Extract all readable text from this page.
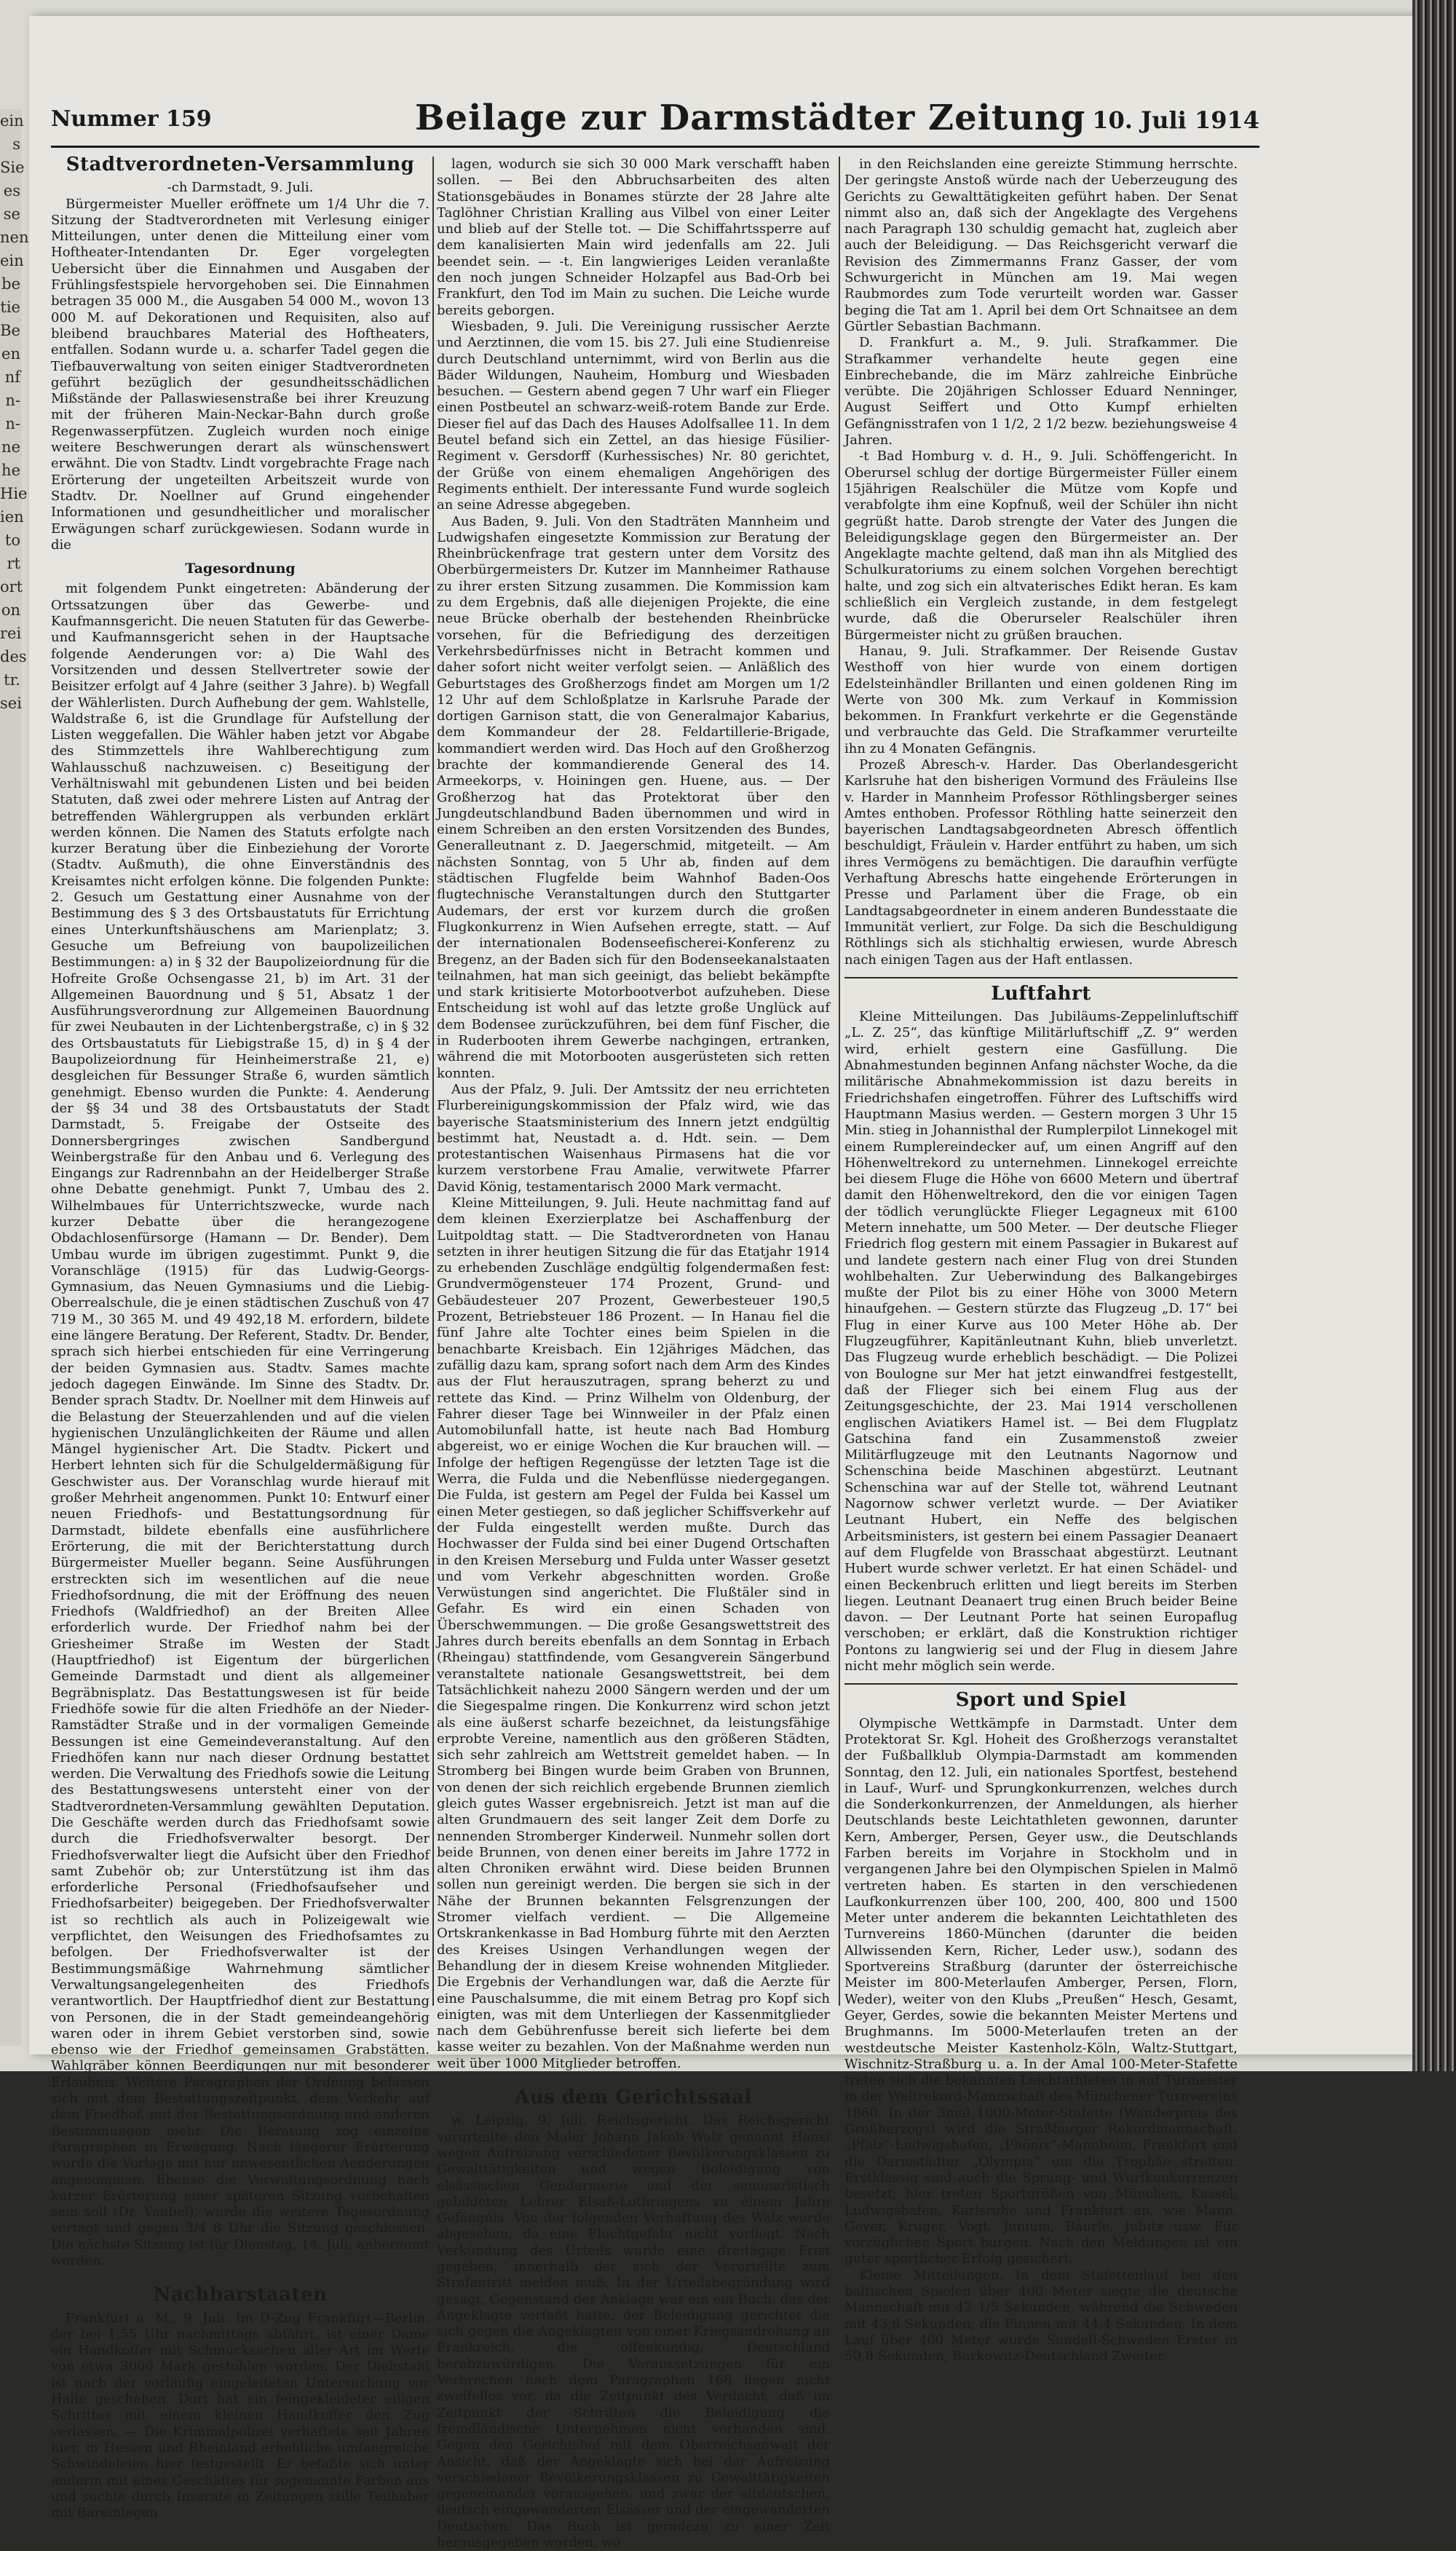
ein s Sie es se nen ein be tie Be en nf n- n- ne he Hie ien to rt ort on rei des tr. sei
Nummer 159	Beilage zur Darmstädter Zeitung 10. Juli 1914
Stadtverordneten-Versammlung

-ch Darmstadt, 9. Juli.

Bürgermeister Mueller eröffnete um 1/4 Uhr die 7. Sitzung der Stadtverordneten mit Verlesung einiger Mitteilungen, unter denen die Mitteilung einer vom Hoftheater-Intendanten Dr. Eger vorgelegten Uebersicht über die Einnahmen und Ausgaben der Frühlingsfestspiele hervorgehoben sei. Die Einnahmen betragen 35 000 M., die Ausgaben 54 000 M., wovon 13 000 M. auf Dekorationen und Requisiten, also auf bleibend brauchbares Material des Hoftheaters, entfallen. Sodann wurde u. a. scharfer Tadel gegen die Tiefbauverwaltung von seiten einiger Stadtverordneten geführt bezüglich der gesundheitsschädlichen Mißstände der Pallaswiesenstraße bei ihrer Kreuzung mit der früheren Main-Neckar-Bahn durch große Regenwasserpfützen. Zugleich wurden noch einige weitere Beschwerungen derart als wünschenswert erwähnt. Die von Stadtv. Lindt vorgebrachte Frage nach Erörterung der ungeteilten Arbeitszeit wurde von Stadtv. Dr. Noellner auf Grund eingehender Informationen und gesundheitlicher und moralischer Erwägungen scharf zurückgewiesen. Sodann wurde in die

Tagesordnung

mit folgendem Punkt eingetreten: Abänderung der Ortssatzungen über das Gewerbe- und Kaufmannsgericht. Die neuen Statuten für das Gewerbe- und Kaufmannsgericht sehen in der Hauptsache folgende Aenderungen vor: a) Die Wahl des Vorsitzenden und dessen Stellvertreter sowie der Beisitzer erfolgt auf 4 Jahre (seither 3 Jahre). b) Wegfall der Wählerlisten. Durch Aufhebung der gem. Wahlstelle, Waldstraße 6, ist die Grundlage für Aufstellung der Listen weggefallen. Die Wähler haben jetzt vor Abgabe des Stimmzettels ihre Wahlberechtigung zum Wahlausschuß nachzuweisen. c) Beseitigung der Verhältniswahl mit gebundenen Listen und bei beiden Statuten, daß zwei oder mehrere Listen auf Antrag der betreffenden Wählergruppen als verbunden erklärt werden können. Die Namen des Statuts erfolgte nach kurzer Beratung über die Einbeziehung der Vororte (Stadtv. Außmuth), die ohne Einverständnis des Kreisamtes nicht erfolgen könne. Die folgenden Punkte: 2. Gesuch um Gestattung einer Ausnahme von der Bestimmung des § 3 des Ortsbaustatuts für Errichtung eines Unterkunftshäuschens am Marienplatz; 3. Gesuche um Befreiung von baupolizeilichen Bestimmungen: a) in § 32 der Baupolizeiordnung für die Hofreite Große Ochsengasse 21, b) im Art. 31 der Allgemeinen Bauordnung und § 51, Absatz 1 der Ausführungsverordnung zur Allgemeinen Bauordnung für zwei Neubauten in der Lichtenbergstraße, c) in § 32 des Ortsbaustatuts für Liebigstraße 15, d) in § 4 der Baupolizeiordnung für Heinheimerstraße 21, e) desgleichen für Bessunger Straße 6, wurden sämtlich genehmigt. Ebenso wurden die Punkte: 4. Aenderung der §§ 34 und 38 des Ortsbaustatuts der Stadt Darmstadt, 5. Freigabe der Ostseite des Donnersbergringes zwischen Sandbergund Weinbergstraße für den Anbau und 6. Verlegung des Eingangs zur Radrennbahn an der Heidelberger Straße ohne Debatte genehmigt. Punkt 7, Umbau des 2. Wilhelmbaues für Unterrichtszwecke, wurde nach kurzer Debatte über die herangezogene Obdachlosenfürsorge (Hamann — Dr. Bender). Dem Umbau wurde im übrigen zugestimmt. Punkt 9, die Voranschläge (1915) für das Ludwig-Georgs-Gymnasium, das Neuen Gymnasiums und die Liebig-Oberrealschule, die je einen städtischen Zuschuß von 47 719 M., 30 365 M. und 49 492,18 M. erfordern, bildete eine längere Beratung. Der Referent, Stadtv. Dr. Bender, sprach sich hierbei entschieden für eine Verringerung der beiden Gymnasien aus. Stadtv. Sames machte jedoch dagegen Einwände. Im Sinne des Stadtv. Dr. Bender sprach Stadtv. Dr. Noellner mit dem Hinweis auf die Belastung der Steuerzahlenden und auf die vielen hygienischen Unzulänglichkeiten der Räume und allen Mängel hygienischer Art. Die Stadtv. Pickert und Herbert lehnten sich für die Schulgeldermäßigung für Geschwister aus. Der Voranschlag wurde hierauf mit großer Mehrheit angenommen. Punkt 10: Entwurf einer neuen Friedhofs- und Bestattungsordnung für Darmstadt, bildete ebenfalls eine ausführlichere Erörterung, die mit der Berichterstattung durch Bürgermeister Mueller begann. Seine Ausführungen erstreckten sich im wesentlichen auf die neue Friedhofsordnung, die mit der Eröffnung des neuen Friedhofs (Waldfriedhof) an der Breiten Allee erforderlich wurde. Der Friedhof nahm bei der Griesheimer Straße im Westen der Stadt (Hauptfriedhof) ist Eigentum der bürgerlichen Gemeinde Darmstadt und dient als allgemeiner Begräbnisplatz. Das Bestattungswesen ist für beide Friedhöfe sowie für die alten Friedhöfe an der Nieder-Ramstädter Straße und in der vormaligen Gemeinde Bessungen ist eine Gemeindeveranstaltung. Auf den Friedhöfen kann nur nach dieser Ordnung bestattet werden. Die Verwaltung des Friedhofs sowie die Leitung des Bestattungswesens untersteht einer von der Stadtverordneten-Versammlung gewählten Deputation. Die Geschäfte werden durch das Friedhofsamt sowie durch die Friedhofsverwalter besorgt. Der Friedhofsverwalter liegt die Aufsicht über den Friedhof samt Zubehör ob; zur Unterstützung ist ihm das erforderliche Personal (Friedhofsaufseher und Friedhofsarbeiter) beigegeben. Der Friedhofsverwalter ist so rechtlich als auch in Polizeigewalt wie verpflichtet, den Weisungen des Friedhofsamtes zu befolgen. Der Friedhofsverwalter ist der Bestimmungsmäßige Wahrnehmung sämtlicher Verwaltungsangelegenheiten des Friedhofs verantwortlich. Der Hauptfriedhof dient zur Bestattung von Personen, die in der Stadt gemeindeangehörig waren oder in ihrem Gebiet verstorben sind, sowie ebenso wie der Friedhof gemeinsamen Grabstätten. Wahlgräber können Beerdigungen nur mit besonderer Erlaubnis. Weitere Paragraphen der Ordnung befassen sich mit dem Bestattungszeitpunkt, dem Verkehr auf dem Friedhof, mit der Bestattungsordnung und anderen Bestimmungen mehr. Die Beratung zog einzelne Paragraphen in Erwägung. Nach längerer Erörterung wurde die Vorlage mit nur unwesentlichen Aenderungen angenommen. Ebenso die Verwaltungsordnung nach kurzer Erörterung einer späteren Sitzung vorbehalten sein soll (Dr. Vaubel), wurde die weitere Tagesordnung vertagt und gegen 3/4 8 Uhr die Sitzung geschlossen. Die nächste Sitzung ist für Dienstag, 14. Juli, anberaumt worden.

Nachbarstaaten

Frankfurt a. M., 9. Juli. Im D-Zug Frankfurt—Berlin, der bei 1,55 Uhr nachmittags abfährt, ist einer Dame ein Handkoffer mit Schmucksachen aller Art im Werte von etwa 3000 Mark gestohlen worden. Der Diebstahl ist nach der vorläufig eingeleiteten Untersuchung vor Halle geschehen. Dort hat ein feingekleideter eiligen Schrittes mit einem kleinen Handkoffer den Zug verlassen. — Die Kriminalpolizei verhaftete seit Jahren hier, in Hessen und Rheinland erhebliche umfangreiche Schwindeleien hier festgestellt. Er befaßte sich unter anderm mit eines Geschäftes für sogenannte Farben aus und suchte durch Inserate in Zeitungen stille Teilhaber mit Bareinlagen

lagen, wodurch sie sich 30 000 Mark verschafft haben sollen. — Bei den Abbruchsarbeiten des alten Stationsgebäudes in Bonames stürzte der 28 Jahre alte Taglöhner Christian Kralling aus Vilbel von einer Leiter und blieb auf der Stelle tot. — Die Schiffahrtssperre auf dem kanalisierten Main wird jedenfalls am 22. Juli beendet sein. — -t. Ein langwieriges Leiden veranlaßte den noch jungen Schneider Holzapfel aus Bad-Orb bei Frankfurt, den Tod im Main zu suchen. Die Leiche wurde bereits geborgen.

Wiesbaden, 9. Juli. Die Vereinigung russischer Aerzte und Aerztinnen, die vom 15. bis 27. Juli eine Studienreise durch Deutschland unternimmt, wird von Berlin aus die Bäder Wildungen, Nauheim, Homburg und Wiesbaden besuchen. — Gestern abend gegen 7 Uhr warf ein Flieger einen Postbeutel an schwarz-weiß-rotem Bande zur Erde. Dieser fiel auf das Dach des Hauses Adolfsallee 11. In dem Beutel befand sich ein Zettel, an das hiesige Füsilier-Regiment v. Gersdorff (Kurhessisches) Nr. 80 gerichtet, der Grüße von einem ehemaligen Angehörigen des Regiments enthielt. Der interessante Fund wurde sogleich an seine Adresse abgegeben.

Aus Baden, 9. Juli. Von den Stadträten Mannheim und Ludwigshafen eingesetzte Kommission zur Beratung der Rheinbrückenfrage trat gestern unter dem Vorsitz des Oberbürgermeisters Dr. Kutzer im Mannheimer Rathause zu ihrer ersten Sitzung zusammen. Die Kommission kam zu dem Ergebnis, daß alle diejenigen Projekte, die eine neue Brücke oberhalb der bestehenden Rheinbrücke vorsehen, für die Befriedigung des derzeitigen Verkehrsbedürfnisses nicht in Betracht kommen und daher sofort nicht weiter verfolgt seien. — Anläßlich des Geburtstages des Großherzogs findet am Morgen um 1/2 12 Uhr auf dem Schloßplatze in Karlsruhe Parade der dortigen Garnison statt, die von Generalmajor Kabarius, dem Kommandeur der 28. Feldartillerie-Brigade, kommandiert werden wird. Das Hoch auf den Großherzog brachte der kommandierende General des 14. Armeekorps, v. Hoiningen gen. Huene, aus. — Der Großherzog hat das Protektorat über den Jungdeutschlandbund Baden übernommen und wird in einem Schreiben an den ersten Vorsitzenden des Bundes, Generalleutnant z. D. Jaegerschmid, mitgeteilt. — Am nächsten Sonntag, von 5 Uhr ab, finden auf dem städtischen Flugfelde beim Wahnhof Baden-Oos flugtechnische Veranstaltungen durch den Stuttgarter Audemars, der erst vor kurzem durch die großen Flugkonkurrenz in Wien Aufsehen erregte, statt. — Auf der internationalen Bodenseefischerei-Konferenz zu Bregenz, an der Baden sich für den Bodenseekanalstaaten teilnahmen, hat man sich geeinigt, das beliebt bekämpfte und stark kritisierte Motorbootverbot aufzuheben. Diese Entscheidung ist wohl auf das letzte große Unglück auf dem Bodensee zurückzuführen, bei dem fünf Fischer, die in Ruderbooten ihrem Gewerbe nachgingen, ertranken, während die mit Motorbooten ausgerüsteten sich retten konnten.

Aus der Pfalz, 9. Juli. Der Amtssitz der neu errichteten Flurbereinigungskommission der Pfalz wird, wie das bayerische Staatsministerium des Innern jetzt endgültig bestimmt hat, Neustadt a. d. Hdt. sein. — Dem protestantischen Waisenhaus Pirmasens hat die vor kurzem verstorbene Frau Amalie, verwitwete Pfarrer David König, testamentarisch 2000 Mark vermacht.

Kleine Mitteilungen, 9. Juli. Heute nachmittag fand auf dem kleinen Exerzierplatze bei Aschaffenburg der Luitpoldtag statt. — Die Stadtverordneten von Hanau setzten in ihrer heutigen Sitzung die für das Etatjahr 1914 zu erhebenden Zuschläge endgültig folgendermaßen fest: Grundvermögensteuer 174 Prozent, Grund- und Gebäudesteuer 207 Prozent, Gewerbesteuer 190,5 Prozent, Betriebsteuer 186 Prozent. — In Hanau fiel die fünf Jahre alte Tochter eines beim Spielen in die benachbarte Kreisbach. Ein 12jähriges Mädchen, das zufällig dazu kam, sprang sofort nach dem Arm des Kindes aus der Flut herauszutragen, sprang beherzt zu und rettete das Kind. — Prinz Wilhelm von Oldenburg, der Fahrer dieser Tage bei Winnweiler in der Pfalz einen Automobilunfall hatte, ist heute nach Bad Homburg abgereist, wo er einige Wochen die Kur brauchen will. — Infolge der heftigen Regengüsse der letzten Tage ist die Werra, die Fulda und die Nebenflüsse niedergegangen. Die Fulda, ist gestern am Pegel der Fulda bei Kassel um einen Meter gestiegen, so daß jeglicher Schiffsverkehr auf der Fulda eingestellt werden mußte. Durch das Hochwasser der Fulda sind bei einer Dugend Ortschaften in den Kreisen Merseburg und Fulda unter Wasser gesetzt und vom Verkehr abgeschnitten worden. Große Verwüstungen sind angerichtet. Die Flußtäler sind in Gefahr. Es wird ein einen Schaden von Überschwemmungen. — Die große Gesangswettstreit des Jahres durch bereits ebenfalls an dem Sonntag in Erbach (Rheingau) stattfindende, vom Gesangverein Sängerbund veranstaltete nationale Gesangswettstreit, bei dem Tatsächlichkeit nahezu 2000 Sängern werden und der um die Siegespalme ringen. Die Konkurrenz wird schon jetzt als eine äußerst scharfe bezeichnet, da leistungsfähige erprobte Vereine, namentlich aus den größeren Städten, sich sehr zahlreich am Wettstreit gemeldet haben. — In Stromberg bei Bingen wurde beim Graben von Brunnen, von denen der sich reichlich ergebende Brunnen ziemlich gleich gutes Wasser ergebnisreich. Jetzt ist man auf die alten Grundmauern des seit langer Zeit dem Dorfe zu nennenden Stromberger Kinderweil. Nunmehr sollen dort beide Brunnen, von denen einer bereits im Jahre 1772 in alten Chroniken erwähnt wird. Diese beiden Brunnen sollen nun gereinigt werden. Die bergen sie sich in der Nähe der Brunnen bekannten Felsgrenzungen der Stromer vielfach verdient. — Die Allgemeine Ortskrankenkasse in Bad Homburg führte mit den Aerzten des Kreises Usingen Verhandlungen wegen der Behandlung der in diesem Kreise wohnenden Mitglieder. Die Ergebnis der Verhandlungen war, daß die Aerzte für eine Pauschalsumme, die mit einem Betrag pro Kopf sich einigten, was mit dem Unterliegen der Kassenmitglieder nach dem Gebührenfusse bereit sich lieferte bei dem kasse weiter zu bezahlen. Von der Maßnahme werden nun weit über 1000 Mitglieder betroffen.

Aus dem Gerichtssaal

w. Leipzig, 9. Juli. Reichsgericht. Das Reichsgericht verurteilte den Maler Johann Jakob Walz genannt Hansi wegen Aufreizung verschiedener Bevölkerungsklassen zu Gewalttätigkeiten und wegen Beleidigung von elsässischen Gendarmerie und der seminaristisch gebildeten Lehrer Elsaß-Lothringens zu einem Jahre Gefängnis. Von der folgenden Verhaftung des Walz wurde abgesehen, da eine Fluchtgefahr nicht vorliegt. Nach Verkündung des Urteils wurde eine dreitägige Frist gegeben, innerhalb der sich der Verurteilte zum Strafantritt melden muß. In der Urteilsbegründung wird gesagt, Gegenstand der Anklage war ein ein Buch, das der Angeklagte verfaßt hatte, der Beleidigung gerichtet die sich gegen die Angeklagten von einer Kriegsandrohung an Frankreich, die offenkundig, Deutschland herabzuwürdigen. Die Voraussetzungen für ein Verbrechen nach dem Paragraphen 166 liegen nicht zweifellos vor, da die Zeitpunkt des Verdacht, daß im Zeitpunkt der Schriften die Beleidigung die fremdländische Unternehmen nicht vorhanden sind. Gegen den Gerichtshof mit dem Oberreichsanwalt der Ansicht, daß der Angeklagte sich bei der Aufreizung verschiedener Bevölkerungsklassen zu Gewalttätigkeiten gegeneinander vorausgehen, und zwar der altdeutschen, deutsch eingewanderten Elsässer und der eingewanderten Deutschen. Das Buch ist geradezu zu einer Zeit herausgegeben worden, wo

in den Reichslanden eine gereizte Stimmung herrschte. Der geringste Anstoß würde nach der Ueberzeugung des Gerichts zu Gewalttätigkeiten geführt haben. Der Senat nimmt also an, daß sich der Angeklagte des Vergehens nach Paragraph 130 schuldig gemacht hat, zugleich aber auch der Beleidigung. — Das Reichsgericht verwarf die Revision des Zimmermanns Franz Gasser, der vom Schwurgericht in München am 19. Mai wegen Raubmordes zum Tode verurteilt worden war. Gasser beging die Tat am 1. April bei dem Ort Schnaitsee an dem Gürtler Sebastian Bachmann.

D. Frankfurt a. M., 9. Juli. Strafkammer. Die Strafkammer verhandelte heute gegen eine Einbrechebande, die im März zahlreiche Einbrüche verübte. Die 20jährigen Schlosser Eduard Nenninger, August Seiffert und Otto Kumpf erhielten Gefängnisstrafen von 1 1/2, 2 1/2 bezw. beziehungsweise 4 Jahren.

-t Bad Homburg v. d. H., 9. Juli. Schöffengericht. In Oberursel schlug der dortige Bürgermeister Füller einem 15jährigen Realschüler die Mütze vom Kopfe und verabfolgte ihm eine Kopfnuß, weil der Schüler ihn nicht gegrüßt hatte. Darob strengte der Vater des Jungen die Beleidigungsklage gegen den Bürgermeister an. Der Angeklagte machte geltend, daß man ihn als Mitglied des Schulkuratoriums zu einem solchen Vorgehen berechtigt halte, und zog sich ein altvaterisches Edikt heran. Es kam schließlich ein Vergleich zustande, in dem festgelegt wurde, daß die Oberurseler Realschüler ihren Bürgermeister nicht zu grüßen brauchen.

Hanau, 9. Juli. Strafkammer. Der Reisende Gustav Westhoff von hier wurde von einem dortigen Edelsteinhändler Brillanten und einen goldenen Ring im Werte von 300 Mk. zum Verkauf in Kommission bekommen. In Frankfurt verkehrte er die Gegenstände und verbrauchte das Geld. Die Strafkammer verurteilte ihn zu 4 Monaten Gefängnis.

Prozeß Abresch-v. Harder. Das Oberlandesgericht Karlsruhe hat den bisherigen Vormund des Fräuleins Ilse v. Harder in Mannheim Professor Röthlingsberger seines Amtes enthoben. Professor Röthling hatte seinerzeit den bayerischen Landtagsabgeordneten Abresch öffentlich beschuldigt, Fräulein v. Harder entführt zu haben, um sich ihres Vermögens zu bemächtigen. Die daraufhin verfügte Verhaftung Abreschs hatte eingehende Erörterungen in Presse und Parlament über die Frage, ob ein Landtagsabgeordneter in einem anderen Bundesstaate die Immunität verliert, zur Folge. Da sich die Beschuldigung Röthlings sich als stichhaltig erwiesen, wurde Abresch nach einigen Tagen aus der Haft entlassen.

Luftfahrt

Kleine Mitteilungen. Das Jubiläums-Zeppelinluftschiff „L. Z. 25“, das künftige Militärluftschiff „Z. 9“ werden wird, erhielt gestern eine Gasfüllung. Die Abnahmestunden beginnen Anfang nächster Woche, da die militärische Abnahmekommission ist dazu bereits in Friedrichshafen eingetroffen. Führer des Luftschiffs wird Hauptmann Masius werden. — Gestern morgen 3 Uhr 15 Min. stieg in Johannisthal der Rumplerpilot Linnekogel mit einem Rumplereindecker auf, um einen Angriff auf den Höhenweltrekord zu unternehmen. Linnekogel erreichte bei diesem Fluge die Höhe von 6600 Metern und übertraf damit den Höhenweltrekord, den die vor einigen Tagen der tödlich verunglückte Flieger Legagneux mit 6100 Metern innehatte, um 500 Meter. — Der deutsche Flieger Friedrich flog gestern mit einem Passagier in Bukarest auf und landete gestern nach einer Flug von drei Stunden wohlbehalten. Zur Ueberwindung des Balkangebirges mußte der Pilot bis zu einer Höhe von 3000 Metern hinaufgehen. — Gestern stürzte das Flugzeug „D. 17“ bei Flug in einer Kurve aus 100 Meter Höhe ab. Der Flugzeugführer, Kapitänleutnant Kuhn, blieb unverletzt. Das Flugzeug wurde erheblich beschädigt. — Die Polizei von Boulogne sur Mer hat jetzt einwandfrei festgestellt, daß der Flieger sich bei einem Flug aus der Zeitungsgeschichte, der 23. Mai 1914 verschollenen englischen Aviatikers Hamel ist. — Bei dem Flugplatz Gatschina fand ein Zusammenstoß zweier Militärflugzeuge mit den Leutnants Nagornow und Schenschina beide Maschinen abgestürzt. Leutnant Schenschina war auf der Stelle tot, während Leutnant Nagornow schwer verletzt wurde. — Der Aviatiker Leutnant Hubert, ein Neffe des belgischen Arbeitsministers, ist gestern bei einem Passagier Deanaert auf dem Flugfelde von Brasschaat abgestürzt. Leutnant Hubert wurde schwer verletzt. Er hat einen Schädel- und einen Beckenbruch erlitten und liegt bereits im Sterben liegen. Leutnant Deanaert trug einen Bruch beider Beine davon. — Der Leutnant Porte hat seinen Europaflug verschoben; er erklärt, daß die Konstruktion richtiger Pontons zu langwierig sei und der Flug in diesem Jahre nicht mehr möglich sein werde.

Sport und Spiel

Olympische Wettkämpfe in Darmstadt. Unter dem Protektorat Sr. Kgl. Hoheit des Großherzogs veranstaltet der Fußballklub Olympia-Darmstadt am kommenden Sonntag, den 12. Juli, ein nationales Sportfest, bestehend in Lauf-, Wurf- und Sprungkonkurrenzen, welches durch die Sonderkonkurrenzen, der Anmeldungen, als hierher Deutschlands beste Leichtathleten gewonnen, darunter Kern, Amberger, Persen, Geyer usw., die Deutschlands Farben bereits im Vorjahre in Stockholm und in vergangenen Jahre bei den Olympischen Spielen in Malmö vertreten haben. Es starten in den verschiedenen Laufkonkurrenzen über 100, 200, 400, 800 und 1500 Meter unter anderem die bekannten Leichtathleten des Turnvereins 1860-München (darunter die beiden Allwissenden Kern, Richer, Leder usw.), sodann des Sportvereins Straßburg (darunter der österreichische Meister im 800-Meterlaufen Amberger, Persen, Florn, Weder), weiter von den Klubs „Preußen“ Hesch, Gesamt, Geyer, Gerdes, sowie die bekannten Meister Mertens und Brughmanns. Im 5000-Meterlaufen treten an der westdeutsche Meister Kastenholz-Köln, Waltz-Stuttgart, Wischnitz-Straßburg u. a. In der Amal 100-Meter-Stafette treten sich die bekannten Leichtathleten in auf Turmeister in der Weltrekord-Mannschaft des Münchener Turnvereins 1860. In der 3mal 1000-Meter-Stafette (Wanderpreis des Großherzogs) wird die Straßburger Rekordmannschaft, „Pfalz“-Ludwigshafen, „Phönix“-Mannheim, Frankfurt und die Darmstädter „Olympia“ um die Trophäe streiten. Erstklassig sind auch die Sprung- und Wurfkonkurrenzen besetzt; hier treten Sportgrößen von München, Kassel, Ludwigshafen, Karlsruhe und Frankfurt an, wie Mann, Geyer, Kruger, Vogt, Junium, Bäurle, Jubitz usw. Für vorzüglichen Sport bürgen. Nach den Meldungen ist ein guter sportlicher Erfolg gesichert.

Kleine Mitteilungen. In dem Stafettenlauf bei den baltischen Spielen über 400 Meter siegte die deutsche Mannschaft mit 42 1/5 Sekunden, während die Schweden mit 43,6 Sekunden, die Finnen mit 44,4 Sekunden. In dem Lauf über 400 Meter wurde Sundell-Schweden Erster in 50,8 Sekunden, Burkowitz-Deutschland Zweiter.
